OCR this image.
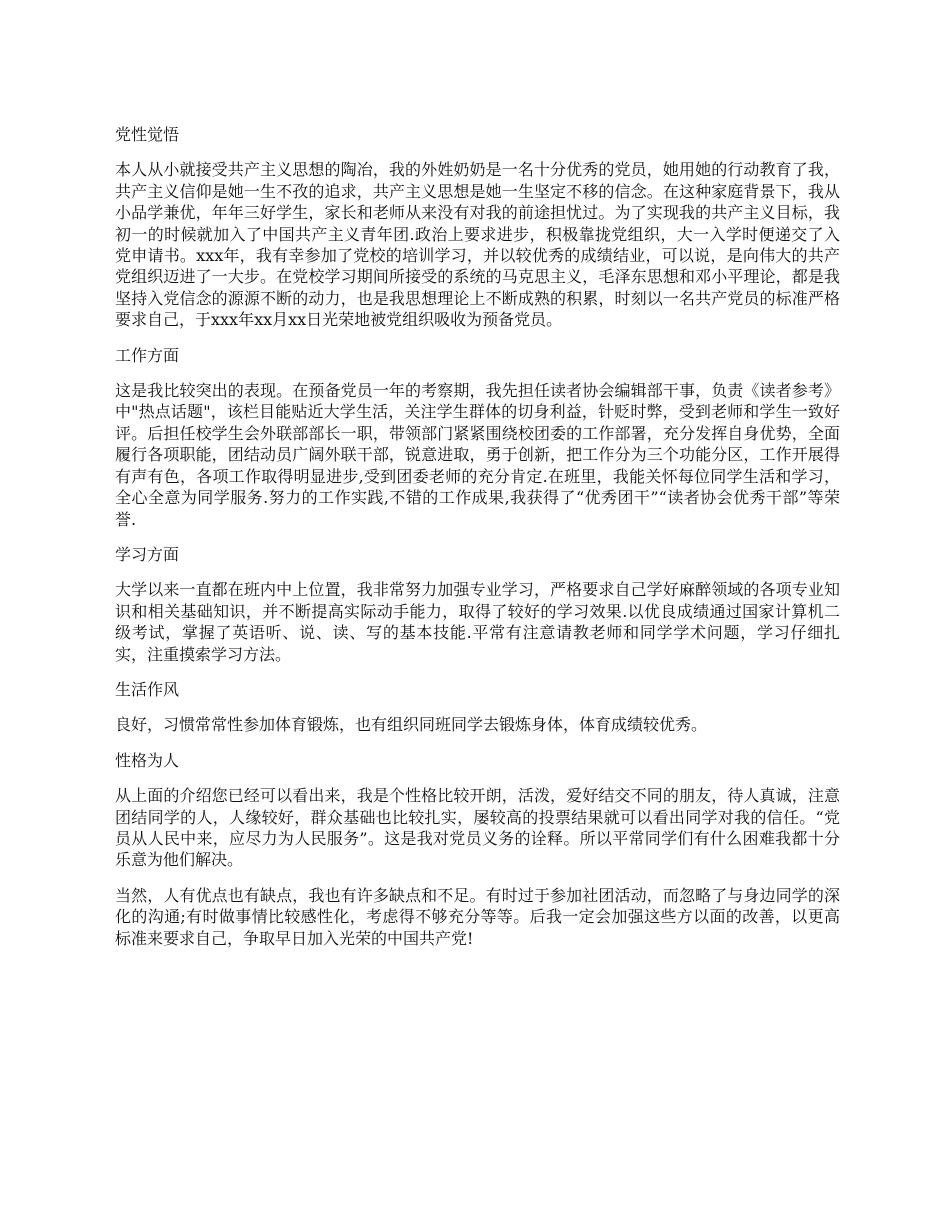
党性觉悟

本人从小就接受共产主义思想的陶冶，我的外姓奶奶是一名十分优秀的党员，她用她的行动教育了我，共产主义信仰是她一生不孜的追求，共产主义思想是她一生坚定不移的信念。在这种家庭背景下，我从小品学兼优，年年三好学生，家长和老师从来没有对我的前途担忧过。为了实现我的共产主义目标，我初一的时候就加入了中国共产主义青年团.政治上要求进步，积极靠拢党组织，大一入学时便递交了入党申请书。xxx年，我有幸参加了党校的培训学习，并以较优秀的成绩结业，可以说，是向伟大的共产党组织迈进了一大步。在党校学习期间所接受的系统的马克思主义，毛泽东思想和邓小平理论，都是我坚持入党信念的源源不断的动力，也是我思想理论上不断成熟的积累，时刻以一名共产党员的标准严格要求自己，于xxx年xx月xx日光荣地被党组织吸收为预备党员。

工作方面

这是我比较突出的表现。在预备党员一年的考察期，我先担任读者协会编辑部干事，负责《读者参考》中"热点话题"，该栏目能贴近大学生活，关注学生群体的切身利益，针贬时弊，受到老师和学生一致好评。后担任校学生会外联部部长一职，带领部门紧紧围绕校团委的工作部署，充分发挥自身优势，全面履行各项职能，团结动员广阔外联干部，锐意进取，勇于创新，把工作分为三个功能分区，工作开展得有声有色，各项工作取得明显进步,受到团委老师的充分肯定.在班里，我能关怀每位同学生活和学习，全心全意为同学服务.努力的工作实践,不错的工作成果,我获得了“优秀团干”“读者协会优秀干部”等荣誉.

学习方面

大学以来一直都在班内中上位置，我非常努力加强专业学习，严格要求自己学好麻醉领域的各项专业知识和相关基础知识，并不断提高实际动手能力，取得了较好的学习效果.以优良成绩通过国家计算机二级考试，掌握了英语听、说、读、写的基本技能.平常有注意请教老师和同学学术问题，学习仔细扎实，注重摸索学习方法。

生活作风

良好，习惯常常性参加体育锻炼，也有组织同班同学去锻炼身体，体育成绩较优秀。

性格为人

从上面的介绍您已经可以看出来，我是个性格比较开朗，活泼，爱好结交不同的朋友，待人真诚，注意团结同学的人，人缘较好，群众基础也比较扎实，屡较高的投票结果就可以看出同学对我的信任。“党员从人民中来，应尽力为人民服务”。这是我对党员义务的诠释。所以平常同学们有什么困难我都十分乐意为他们解决。

当然，人有优点也有缺点，我也有许多缺点和不足。有时过于参加社团活动，而忽略了与身边同学的深化的沟通;有时做事情比较感性化，考虑得不够充分等等。后我一定会加强这些方以面的改善，以更高标准来要求自己，争取早日加入光荣的中国共产党!
